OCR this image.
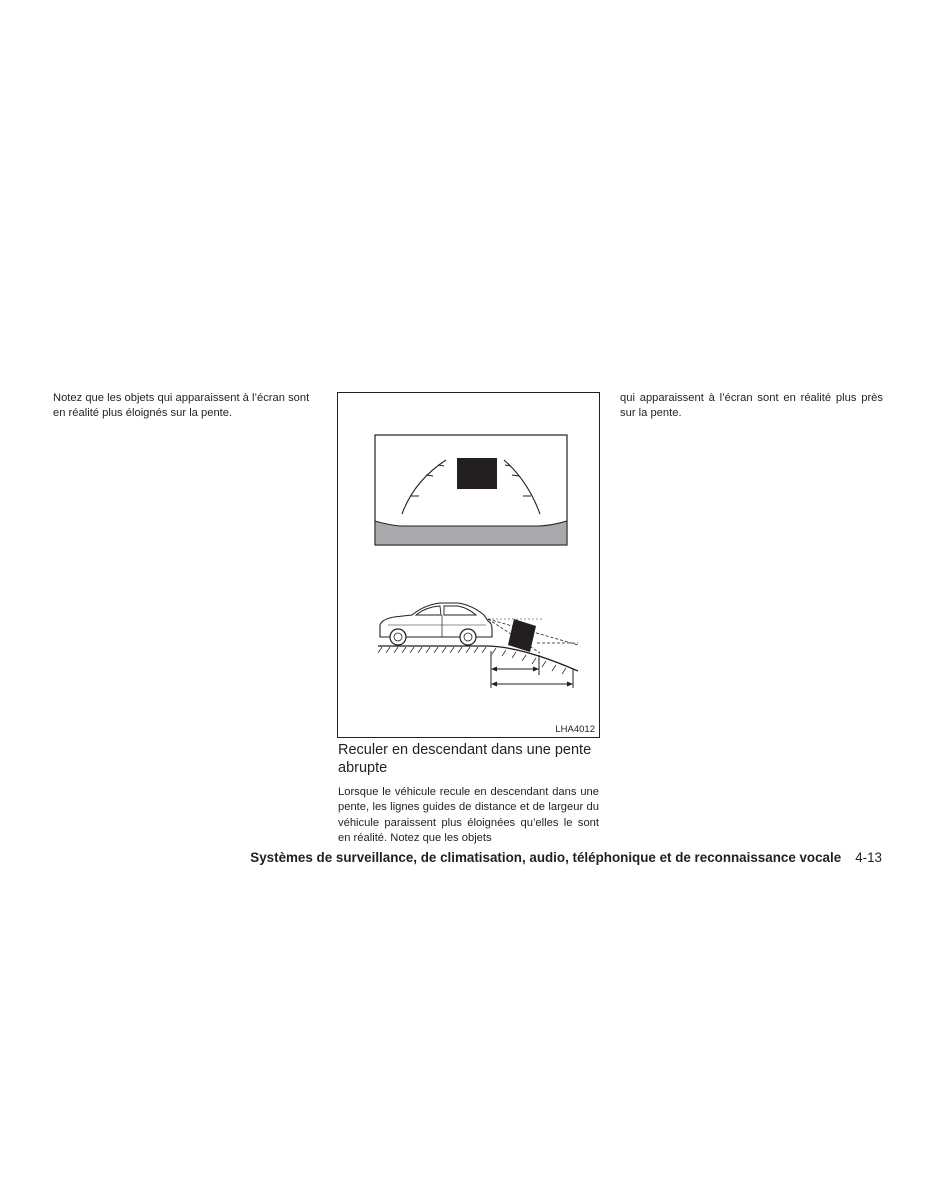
Notez que les objets qui apparaissent à l’écran sont en réalité plus éloignés sur la pente.

LHA4012
Reculer en descendant dans une pente abrupte

Lorsque le véhicule recule en descendant dans une pente, les lignes guides de distance et de largeur du véhicule paraissent plus éloignées qu’elles le sont en réalité. Notez que les objets

qui apparaissent à l’écran sont en réalité plus près sur la pente.

Systèmes de surveillance, de climatisation, audio, téléphonique et de reconnaissance vocale 4-13
